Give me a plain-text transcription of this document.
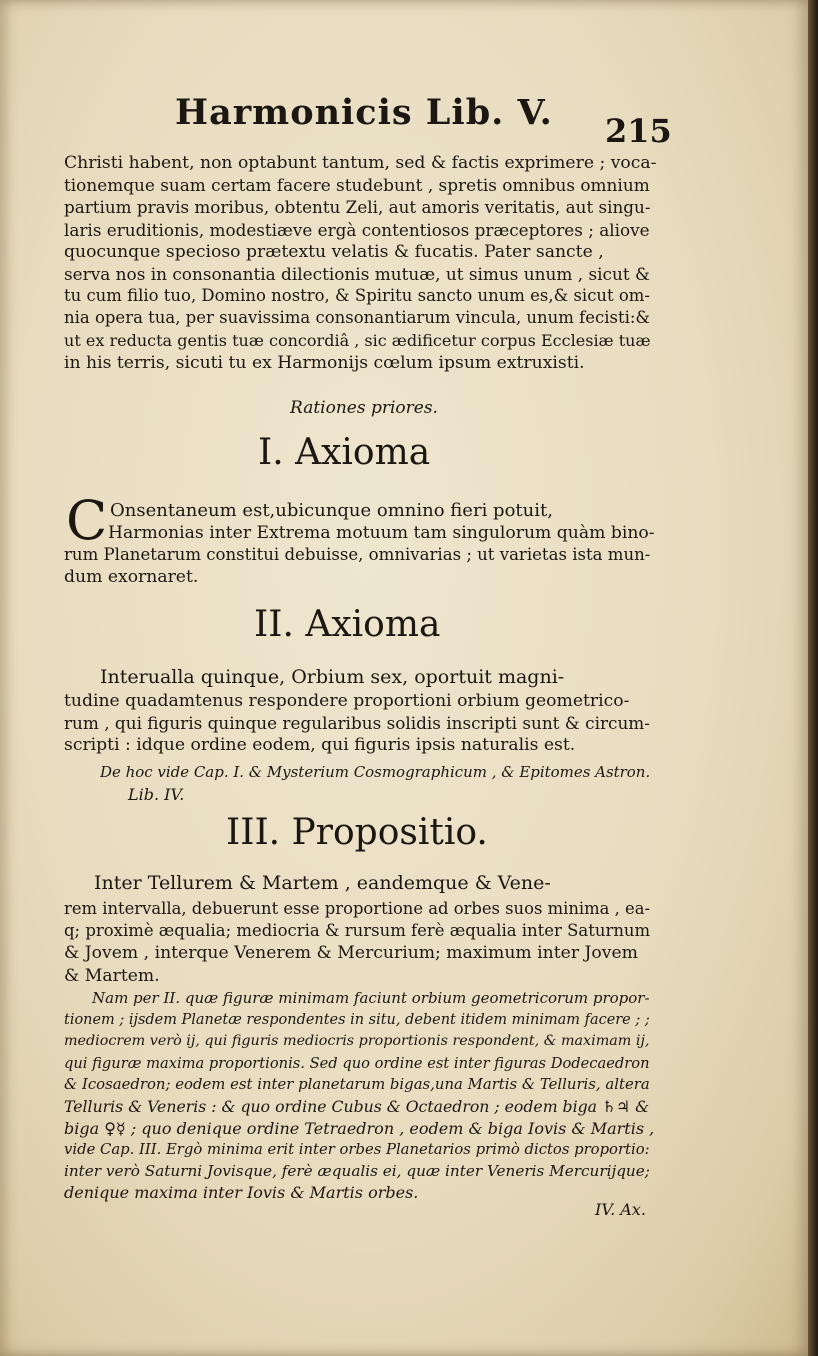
Harmonicis Lib. V. 215
Christi habent, non optabunt tantum, sed & factis exprimere ; voca-
tionemque suam certam facere studebunt , spretis omnibus omnium
partium pravis moribus, obtentu Zeli, aut amoris veritatis, aut singu-
laris eruditionis, modestiæve ergà contentiosos præceptores ; aliove
quocunque specioso prætextu velatis & fucatis. Pater sancte ,
serva nos in consonantia dilectionis mutuæ, ut simus unum , sicut &
tu cum filio tuo, Domino nostro, & Spiritu sancto unum es,& sicut om-
nia opera tua, per suavissima consonantiarum vincula, unum fecisti:&
ut ex reducta gentis tuæ concordiâ , sic ædificetur corpus Ecclesiæ tuæ
in his terris, sicuti tu ex Harmonijs cœlum ipsum extruxisti.
Rationes priores.
I. Axioma
C Onsentaneum est,ubicunque omnino fieri potuit,
Harmonias inter Extrema motuum tam singulorum quàm bino-
rum Planetarum constitui debuisse, omnivarias ; ut varietas ista mun-
dum exornaret.
II. Axioma
Interualla quinque, Orbium sex, oportuit magni-
tudine quadamtenus respondere proportioni orbium geometrico-
rum , qui figuris quinque regularibus solidis inscripti sunt & circum-
scripti : idque ordine eodem, qui figuris ipsis naturalis est.
De hoc vide Cap. I. & Mysterium Cosmographicum , & Epitomes Astron.
Lib. IV.
III. Propositio.
Inter Tellurem & Martem , eandemque & Vene-
rem intervalla, debuerunt esse proportione ad orbes suos minima , ea-
q; proximè æqualia; mediocria & rursum ferè æqualia inter Saturnum
& Jovem , interque Venerem & Mercurium; maximum inter Jovem
& Martem.
Nam per II. quæ figuræ minimam faciunt orbium geometricorum propor-
tionem ; ijsdem Planetæ respondentes in situ, debent itidem minimam facere ; ;
mediocrem verò ij, qui figuris mediocris proportionis respondent, & maximam ij,
qui figuræ maxima proportionis. Sed quo ordine est inter figuras Dodecaedron
& Icosaedron; eodem est inter planetarum bigas,una Martis & Telluris, altera
Telluris & Veneris : & quo ordine Cubus & Octaedron ; eodem biga ♄♃ &
biga ♀☿ ; quo denique ordine Tetraedron , eodem & biga Iovis & Martis ,
vide Cap. III. Ergò minima erit inter orbes Planetarios primò dictos proportio:
inter verò Saturni Jovisque, ferè æqualis ei, quæ inter Veneris Mercurijque;
denique maxima inter Iovis & Martis orbes.
IV. Ax.
